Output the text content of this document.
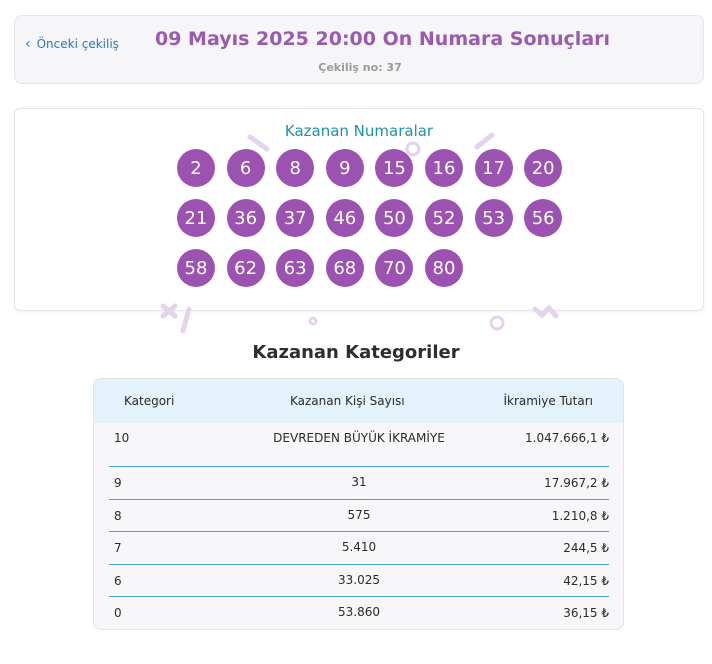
‹ Önceki çekiliş 09 Mayıs 2025 20:00 On Numara Sonuçları
Çekiliş no: 37
Kazanan Numaralar
2	6	8	9	15	16	17	20
21	36	37	46	50	52	53	56
58	62	63	68	70	80
Kazanan Kategoriler
Kategori	Kazanan Kişi Sayısı	İkramiye Tutarı
10	DEVREDEN BÜYÜK İKRAMİYE	1.047.666,1 ₺
9	31	17.967,2 ₺
8	575	1.210,8 ₺
7	5.410	244,5 ₺
6	33.025	42,15 ₺
0	53.860	36,15 ₺
